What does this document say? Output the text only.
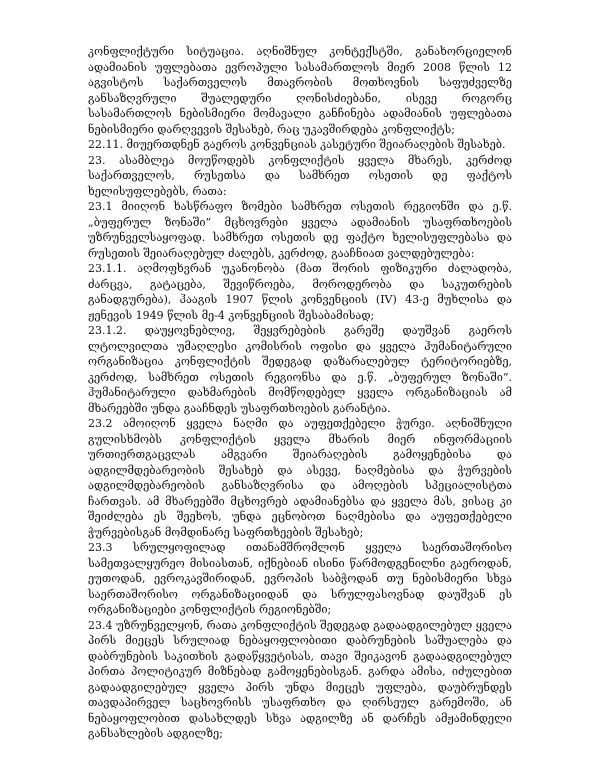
კონფლიქტური სიტუაცია. აღნიშნულ კონტექსტში, განახორციელონ ადამიანის უფლებათა ევროპული სასამართლოს მიერ 2008 წლის 12 აგვისტოს საქართველოს მთავრობის მოთხოვნის საფუძველზე განსაზღვრული შუალედური ღონისძიებანი, ისევე როგორც სასამართლოს ნებისმიერი მომავალი განჩინება ადამიანის უფლებათა ნებისმიერი დარღვევის შესახებ, რაც უკავშირდება კონფლიქტს;

22.11. მიუერთდნენ გაეროს კონვენციას კასეტური შეიარაღების შესახებ.

23. ასამბლეა მოუწოდებს კონფლიქტის ყველა მხარეს, კერძოდ საქართველოს, რუსეთსა და სამხრეთ ოსეთის დე ფაქტოს ხელისუფლებებს, რათა:

23.1 მიიღონ ხასწრაფო ზომები სამხრეთ ოსეთის რეგიონში და ე.წ. „ბუფერულ ზონაში” მცხოვრები ყველა ადამიანის უსაფრთხოების უზრუნველსაყოფად. სამხრეთ ოსეთის დე ფაქტო ხელისუფლებასა და რუსეთის შეიარაღებულ ძალებს, კერძოდ, გააჩნიათ ვალდებულება:

23.1.1. აღმოფხვრან უკანონობა (მათ შორის ფიზიკური ძალადობა, ძარცვა, გატაცება, შევიწროება, მოროდერობა და საკუთრების განადგურება), ჰააგის 1907 წლის კონვენციის (IV) 43-ე მუხლისა და ჟენევის 1949 წლის მე-4 კონვენციის შესაბამისად;

23.1.2. დაუყოვნებლივ, შეყვრებების გარეშე დაუშვან გაეროს ლტოლვილთა უმაღლესი კომისრის ოფისი და ყველა ჰუმანიტარული ორგანიზაცია კონფლიქტის შედეგად დაზარალებულ ტერიტორიებზე, კერძოდ, სამხრეთ ოსეთის რეგიონსა და ე.წ. „ბუფერულ ზონაში”. ჰუმანიტარული დახმარების მომწოდებელ ყველა ორგანიზაციას ამ მხარეებში უნდა გააჩნდეს უსაფრთხოების გარანტია.

23.2 ამოიღონ ყველა ნაღმი და აუფეთქებელი ჭურვი. აღნიშნული გულისხმობს კონფლიქტის ყველა მხარის მიერ ინფორმაციის ურთიერთგაცვლას ამგვარი შეიარაღების გამოყენებისა და ადგილმდებარეობის შესახებ და ასევე, ნაღმებისა და ჭურვების ადგილმდებარეობის განსაზღვრისა და ამოღების სპეციალისტთა ჩართვას. ამ მხარეებში მცხოვრებ ადამიანებსა და ყველა მას, ვისაც კი შეიძლება ეს შეეხოს, უნდა ეცნობოთ ნაღმებისა და აუფეთქებელი ჭურვებისგან მომდინარე საფრთხეების შესახებ;

23.3 სრულყოფილად ითანამშრომლონ ყველა საერთაშორისო სამეთვალყურეო მისიასთან, იქნებიან ისინი წარმოდგენილნი გაეროდან, ეუთოდან, ევროკავშირიდან, ევროპის საბჭოდან თუ ნებისმიერი სხვა საერთაშორისო ორგანიზაციიდან და სრულფასოვნად დაუშვან ეს ორგანიზაციები კონფლიქტის რეგიონებში;

23.4 უზრუნველყონ, რათა კონფლიქტის შედეგად გადაადგილებულ ყველა პირს მიეცეს სრულიად ნებაყოფლობითი დაბრუნების საშუალება და დაბრუნების საკითხის გადაწყვეტისას, თავი შეიკავონ გადაადგილებულ პირთა პოლიტიკურ მიზნებად გამოყენებისგან. გარდა ამისა, იძულებით გადაადგილებულ ყველა პირს უნდა მიეცეს უფლება, დაუბრუნდეს თავდაპირველ საცხოვრისს უსაფრთხო და ღირსეულ გარემოში, ან ნებაყოფლობით დასახლდეს სხვა ადგილზე ან დარჩეს ამჟამინდელი განსახლების ადგილზე;
